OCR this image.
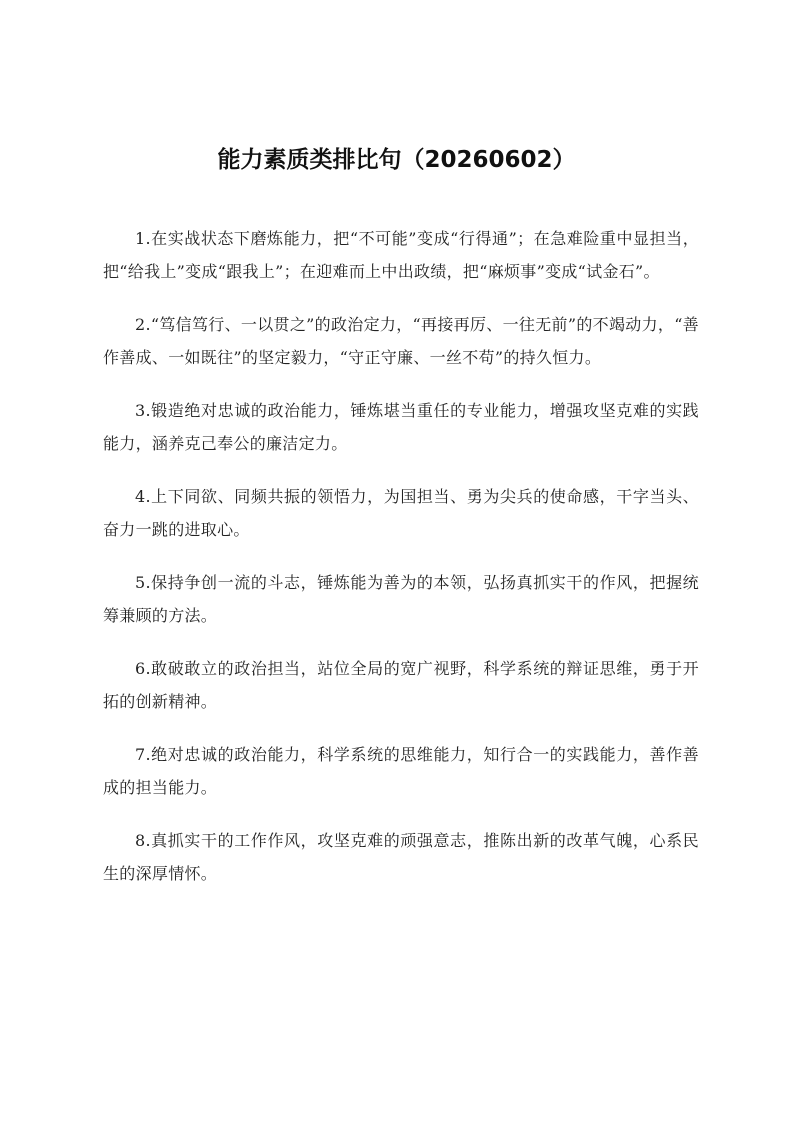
能力素质类排比句（20260602）

1.在实战状态下磨炼能力，把“不可能”变成“行得通”；在急难险重中显担当，把“给我上”变成“跟我上”；在迎难而上中出政绩，把“麻烦事”变成“试金石”。

2.“笃信笃行、一以贯之”的政治定力，“再接再厉、一往无前”的不竭动力，“善作善成、一如既往”的坚定毅力，“守正守廉、一丝不苟”的持久恒力。

3.锻造绝对忠诚的政治能力，锤炼堪当重任的专业能力，增强攻坚克难的实践能力，涵养克己奉公的廉洁定力。

4.上下同欲、同频共振的领悟力，为国担当、勇为尖兵的使命感，干字当头、奋力一跳的进取心。

5.保持争创一流的斗志，锤炼能为善为的本领，弘扬真抓实干的作风，把握统筹兼顾的方法。

6.敢破敢立的政治担当，站位全局的宽广视野，科学系统的辩证思维，勇于开拓的创新精神。

7.绝对忠诚的政治能力，科学系统的思维能力，知行合一的实践能力，善作善成的担当能力。

8.真抓实干的工作作风，攻坚克难的顽强意志，推陈出新的改革气魄，心系民生的深厚情怀。
